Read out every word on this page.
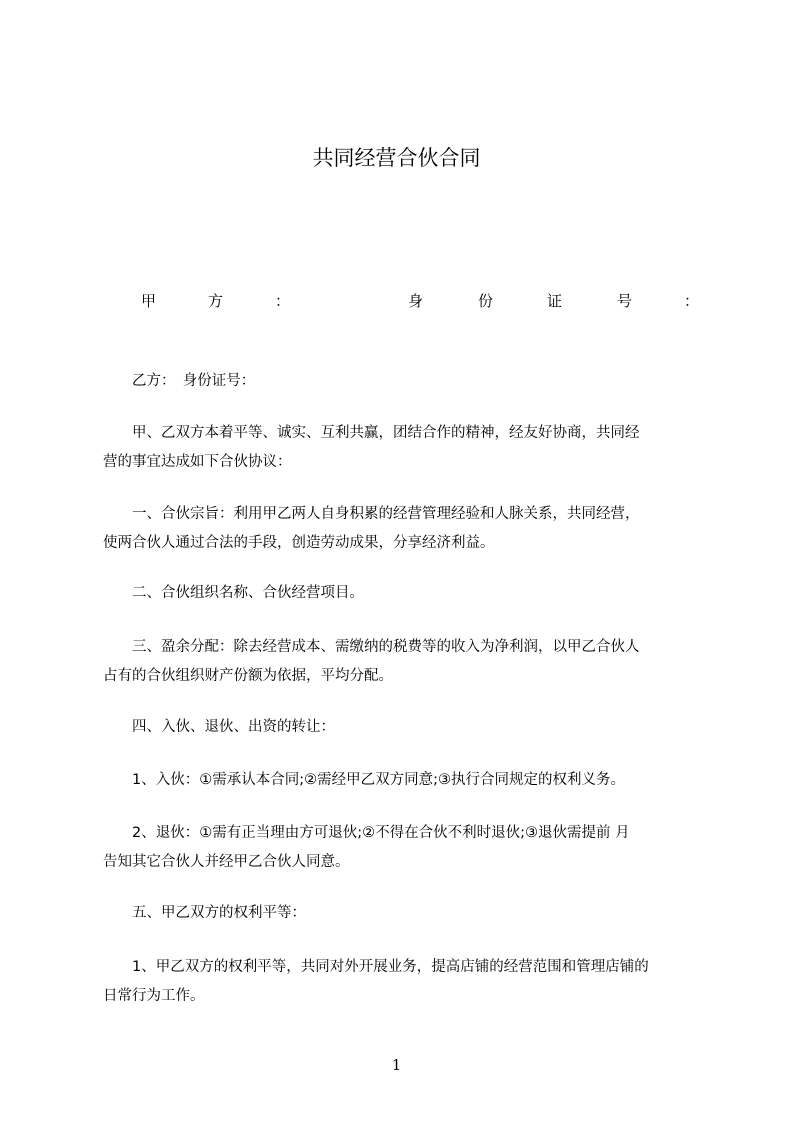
共同经营合伙合同
甲	方	：	身	份	证	号	：
　　乙方：　身份证号：
　　甲、乙双方本着平等、诚实、互利共赢，团结合作的精神，经友好协商，共同经
营的事宜达成如下合伙协议：
　　一、合伙宗旨：利用甲乙两人自身积累的经营管理经验和人脉关系，共同经营，
使两合伙人通过合法的手段，创造劳动成果，分享经济利益。
　　二、合伙组织名称、合伙经营项目。
　　三、盈余分配：除去经营成本、需缴纳的税费等的收入为净利润，以甲乙合伙人
占有的合伙组织财产份额为依据，平均分配。
　　四、入伙、退伙、出资的转让：
　　1、入伙：①需承认本合同;②需经甲乙双方同意;③执行合同规定的权利义务。
　　2、退伙：①需有正当理由方可退伙;②不得在合伙不利时退伙;③退伙需提前 月
告知其它合伙人并经甲乙合伙人同意。
　　五、甲乙双方的权利平等：
　　1、甲乙双方的权利平等，共同对外开展业务，提高店铺的经营范围和管理店铺的
日常行为工作。
1
